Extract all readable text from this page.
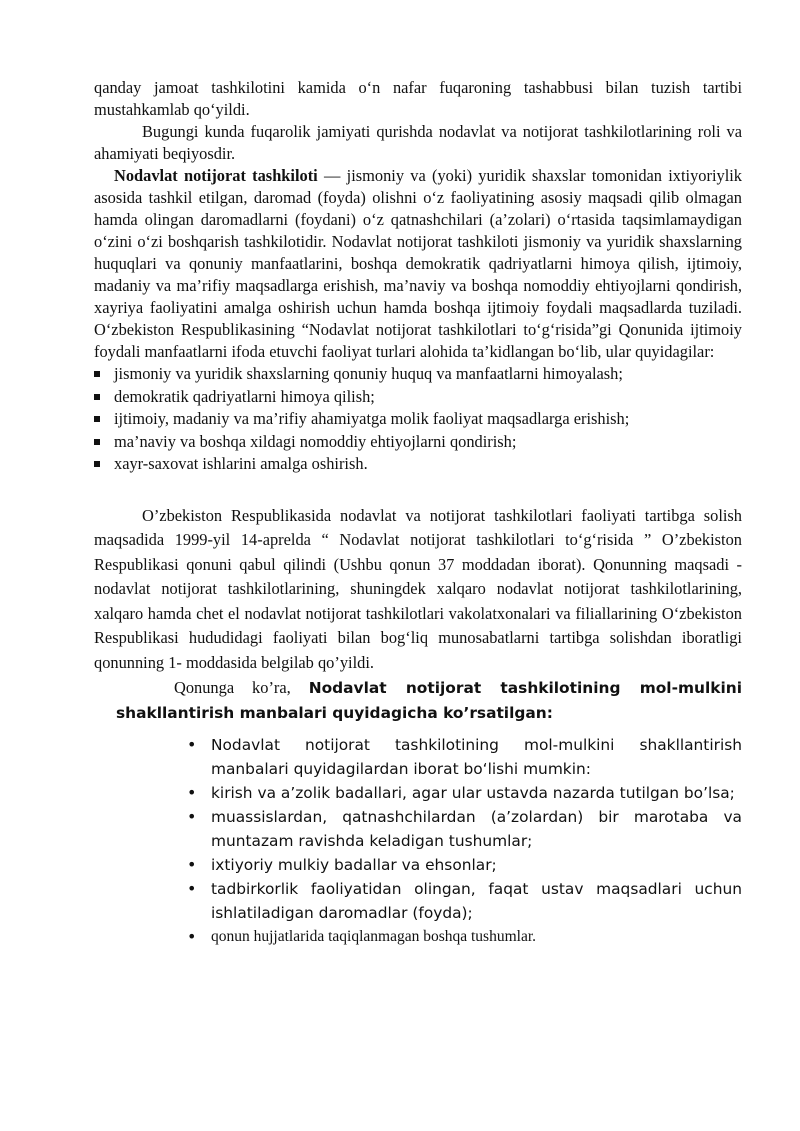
qanday jamoat tashkilotini kamida o‘n nafar fuqaroning tashabbusi bilan tuzish tartibi mustahkamlab qo‘yildi.

Bugungi kunda fuqarolik jamiyati qurishda nodavlat va notijorat tashkilotlarining roli va ahamiyati beqiyosdir.

Nodavlat notijorat tashkiloti — jismoniy va (yoki) yuridik shaxslar tomonidan ixtiyoriylik asosida tashkil etilgan, daromad (foyda) olishni o‘z faoliyatining asosiy maqsadi qilib olmagan hamda olingan daromadlarni (foydani) o‘z qatnashchilari (a’zolari) o‘rtasida taqsimlamaydigan o‘zini o‘zi boshqarish tashkilotidir. Nodavlat notijorat tashkiloti jismoniy va yuridik shaxslarning huquqlari va qonuniy manfaatlarini, boshqa demokratik qadriyatlarni himoya qilish, ijtimoiy, madaniy va ma’rifiy maqsadlarga erishish, ma’naviy va boshqa nomoddiy ehtiyojlarni qondirish, xayriya faoliyatini amalga oshirish uchun hamda boshqa ijtimoiy foydali maqsadlarda tuziladi. O‘zbekiston Respublikasining “Nodavlat notijorat tashkilotlari to‘g‘risida”gi Qonunida ijtimoiy foydali manfaatlarni ifoda etuvchi faoliyat turlari alohida ta’kidlangan bo‘lib, ular quyidagilar:

jismoniy va yuridik shaxslarning qonuniy huquq va manfaatlarni himoyalash;
demokratik qadriyatlarni himoya qilish;
ijtimoiy, madaniy va ma’rifiy ahamiyatga molik faoliyat maqsadlarga erishish;
ma’naviy va boshqa xildagi nomoddiy ehtiyojlarni qondirish;
xayr-saxovat ishlarini amalga oshirish.

O’zbekiston Respublikasida nodavlat va notijorat tashkilotlari faoliyati tartibga solish maqsadida 1999-yil 14-aprelda “ Nodavlat notijorat tashkilotlari to‘g‘risida ” O’zbekiston Respublikasi qonuni qabul qilindi (Ushbu qonun 37 moddadan iborat). Qonunning maqsadi - nodavlat notijorat tashkilotlarining, shuningdek xalqaro nodavlat notijorat tashkilotlarining, xalqaro hamda chet el nodavlat notijorat tashkilotlari vakolatxonalari va filiallarining O‘zbekiston Respublikasi hududidagi faoliyati bilan bog‘liq munosabatlarni tartibga solishdan iboratligi qonunning 1- moddasida belgilab qo’yildi.

Qonunga ko’ra, Nodavlat notijorat tashkilotining mol-mulkini shakllantirish manbalari quyidagicha ko’rsatilgan:

• Nodavlat notijorat tashkilotining mol-mulkini shakllantirish manbalari quyidagilardan iborat bo‘lishi mumkin:
• kirish va a’zolik badallari, agar ular ustavda nazarda tutilgan bo’lsa;
• muassislardan, qatnashchilardan (a’zolardan) bir marotaba va muntazam ravishda keladigan tushumlar;
• ixtiyoriy mulkiy badallar va ehsonlar;
• tadbirkorlik faoliyatidan olingan, faqat ustav maqsadlari uchun ishlatiladigan daromadlar (foyda);
• qonun hujjatlarida taqiqlanmagan boshqa tushumlar.
